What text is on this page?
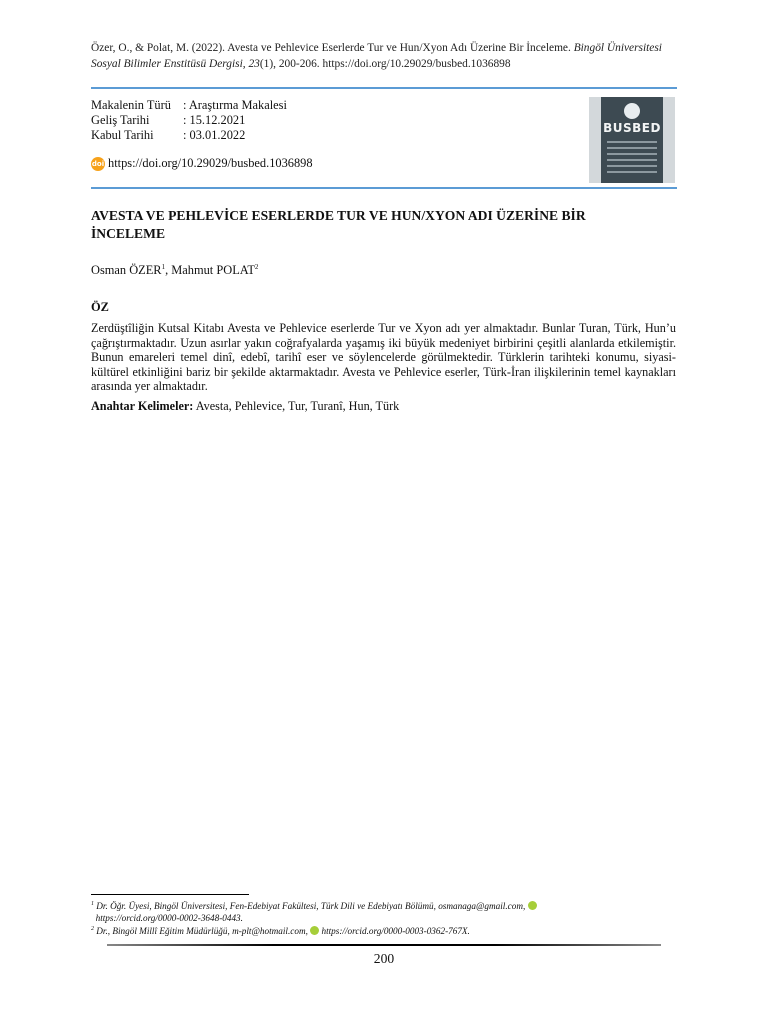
Özer, O., & Polat, M. (2022). Avesta ve Pehlevice Eserlerde Tur ve Hun/Xyon Adı Üzerine Bir İnceleme. Bingöl Üniversitesi Sosyal Bilimler Enstitüsü Dergisi, 23(1), 200-206. https://doi.org/10.29029/busbed.1036898
Makalenin Türü : Araştırma Makalesi
Geliş Tarihi	: 15.12.2021
Kabul Tarihi	: 03.01.2022
doi https://doi.org/10.29029/busbed.1036898
BUSBED
AVESTA VE PEHLEVİCE ESERLERDE TUR VE HUN/XYON ADI ÜZERİNE BİR İNCELEME
Osman ÖZER$^1$, Mahmut POLAT$^2$
ÖZ
Zerdüştîliğin Kutsal Kitabı Avesta ve Pehlevice eserlerde Tur ve Xyon adı yer almaktadır. Bunlar Turan, Türk, Hun’u çağrıştırmaktadır. Uzun asırlar yakın coğrafyalarda yaşamış iki büyük medeniyet birbirini çeşitli alanlarda etkilemiştir. Bunun emareleri temel dinî, edebî, tarihî eser ve söylencelerde görülmektedir. Türklerin tarihteki konumu, siyasi-kültürel etkinliğini bariz bir şekilde aktarmaktadır. Avesta ve Pehlevice eserler, Türk-İran ilişkilerinin temel kaynakları arasında yer almaktadır.
Anahtar Kelimeler: Avesta, Pehlevice, Tur, Turanî, Hun, Türk
$^1$ Dr. Öğr. Üyesi, Bingöl Üniversitesi, Fen-Edebiyat Fakültesi, Türk Dili ve Edebiyatı Bölümü, osmanaga@gmail.com,
https://orcid.org/0000-0002-3648-0443.
$^2$ Dr., Bingöl Millî Eğitim Müdürlüğü, m-plt@hotmail.com,  https://orcid.org/0000-0003-0362-767X.
200
